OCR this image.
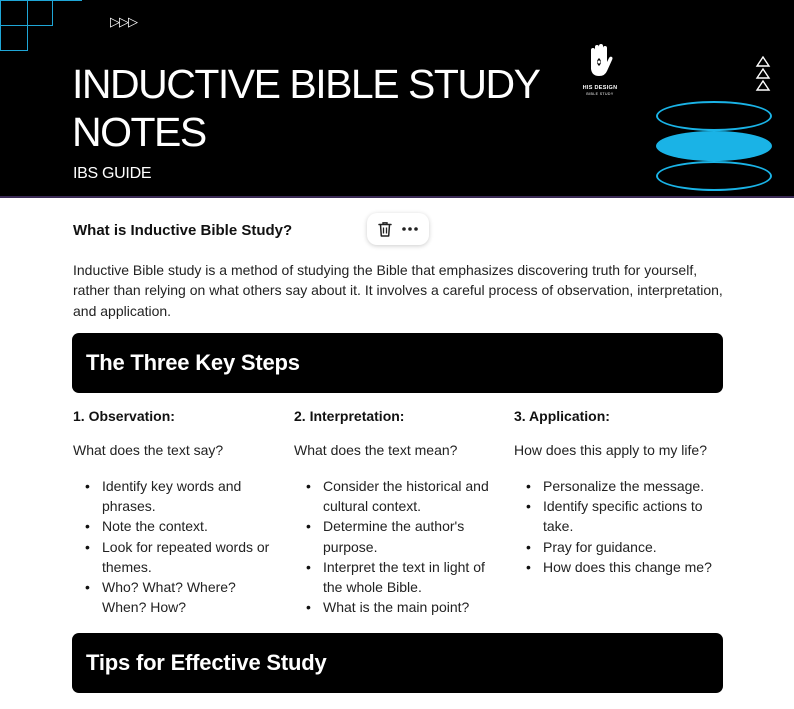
▷▷▷
INDUCTIVE BIBLE STUDY
NOTES
IBS GUIDE
HIS DESIGN
BIBLE STUDY
What is Inductive Bible Study?
Inductive Bible study is a method of studying the Bible that emphasizes discovering truth for yourself, rather than relying on what others say about it. It involves a careful process of observation, interpretation, and application.
The Three Key Steps
1. Observation:
What does the text say?
• Identify key words and phrases.
• Note the context.
• Look for repeated words or themes.
• Who? What? Where? When? How?
2. Interpretation:
What does the text mean?
• Consider the historical and cultural context.
• Determine the author's purpose.
• Interpret the text in light of the whole Bible.
• What is the main point?
3. Application:
How does this apply to my life?
• Personalize the message.
• Identify specific actions to take.
• Pray for guidance.
• How does this change me?
Tips for Effective Study
